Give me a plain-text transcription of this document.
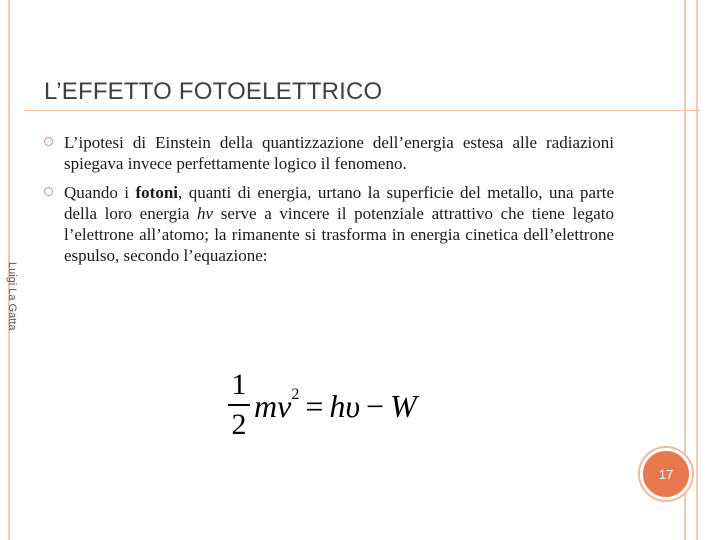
L’EFFETTO FOTOELETTRICO
Luigi La Gatta
L’ipotesi di Einstein della quantizzazione dell’energia estesa alle radiazioni spiegava invece perfettamente logico il fenomeno.
Quando i fotoni, quanti di energia, urtano la superficie del metallo, una parte della loro energia hv serve a vincere il potenziale attrattivo che tiene legato l’elettrone all’atomo; la rimanente si trasforma in energia cinetica dell’elettrone espulso, secondo l’equazione:
$\frac{1}{2} mv^2 = h\upsilon - W$
17
